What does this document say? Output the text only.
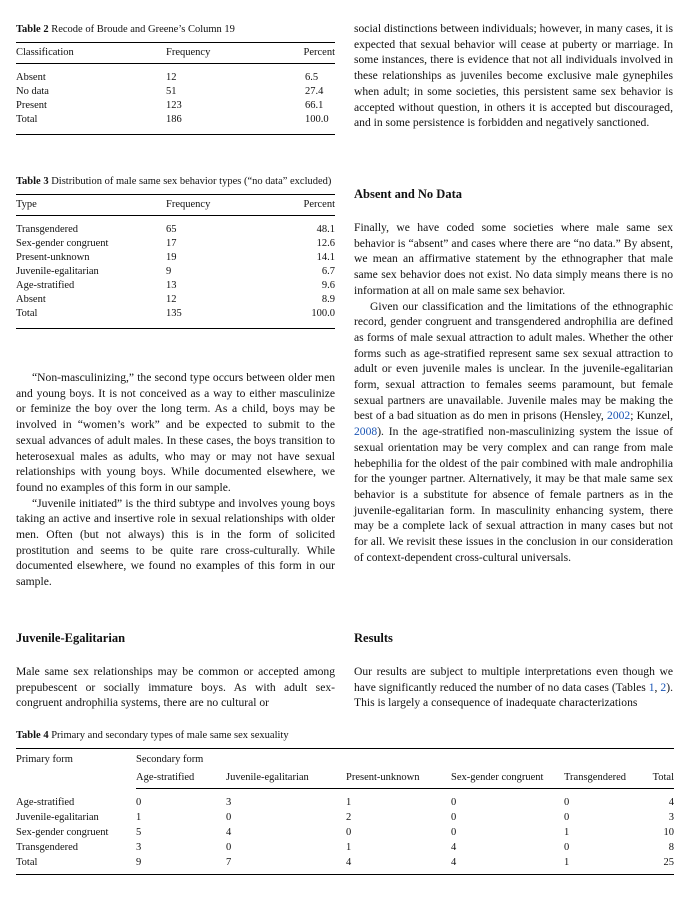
Table 2 Recode of Broude and Greene’s Column 19
Classification	Frequency	Percent
Absent	12	6.5
No data	51	27.4
Present	123	66.1
Total	186	100.0
Table 3 Distribution of male same sex behavior types (“no data” excluded)
Type	Frequency	Percent
Transgendered	65	48.1
Sex-gender congruent	17	12.6
Present-unknown	19	14.1
Juvenile-egalitarian	9	6.7
Age-stratified	13	9.6
Absent	12	8.9
Total	135	100.0

“Non-masculinizing,” the second type occurs between older men and young boys. It is not conceived as a way to either masculinize or feminize the boy over the long term. As a child, boys may be involved in “women’s work” and be expected to submit to the sexual advances of adult males. In these cases, the boys transition to heterosexual males as adults, who may or may not have sexual relationships with young boys. While documented elsewhere, we found no examples of this form in our sample.

“Juvenile initiated” is the third subtype and involves young boys taking an active and insertive role in sexual relationships with older men. Often (but not always) this is in the form of solicited prostitution and seems to be quite rare cross-culturally. While documented elsewhere, we found no examples of this form in our sample.

Juvenile-Egalitarian

Male same sex relationships may be common or accepted among prepubescent or socially immature boys. As with adult sex-congruent androphilia systems, there are no cultural or

social distinctions between individuals; however, in many cases, it is expected that sexual behavior will cease at puberty or marriage. In some instances, there is evidence that not all individuals involved in these relationships as juveniles become exclusive male gynephiles when adult; in some societies, this persistent same sex behavior is accepted without question, in others it is accepted but discouraged, and in some persistence is forbidden and negatively sanctioned.

Absent and No Data

Finally, we have coded some societies where male same sex behavior is “absent” and cases where there are “no data.” By absent, we mean an affirmative statement by the ethnographer that male same sex behavior does not exist. No data simply means there is no information at all on male same sex behavior.

Given our classification and the limitations of the ethnographic record, gender congruent and transgendered androphilia are defined as forms of male sexual attraction to adult males. Whether the other forms such as age-stratified represent same sex sexual attraction to adult or even juvenile males is unclear. In the juvenile-egalitarian form, sexual attraction to females seems paramount, but female sexual partners are unavailable. Juvenile males may be making the best of a bad situation as do men in prisons (Hensley, 2002; Kunzel, 2008). In the age-stratified non-masculinizing system the issue of sexual orientation may be very complex and can range from male hebephilia for the oldest of the pair combined with male androphilia for the younger partner. Alternatively, it may be that male same sex behavior is a substitute for absence of female partners as in the juvenile-egalitarian form. In masculinity enhancing system, there may be a complete lack of sexual attraction in many cases but not for all. We revisit these issues in the conclusion in our consideration of context-dependent cross-cultural universals.

Results

Our results are subject to multiple interpretations even though we have significantly reduced the number of no data cases (Tables 1, 2). This is largely a consequence of inadequate characterizations

Table 4 Primary and secondary types of male same sex sexuality
Primary form	Secondary form					
	Age-stratified	Juvenile-egalitarian	Present-unknown	Sex-gender congruent	Transgendered	Total
Age-stratified	0	3	1	0	0	4
Juvenile-egalitarian	1	0	2	0	0	3
Sex-gender congruent	5	4	0	0	1	10
Transgendered	3	0	1	4	0	8
Total	9	7	4	4	1	25
